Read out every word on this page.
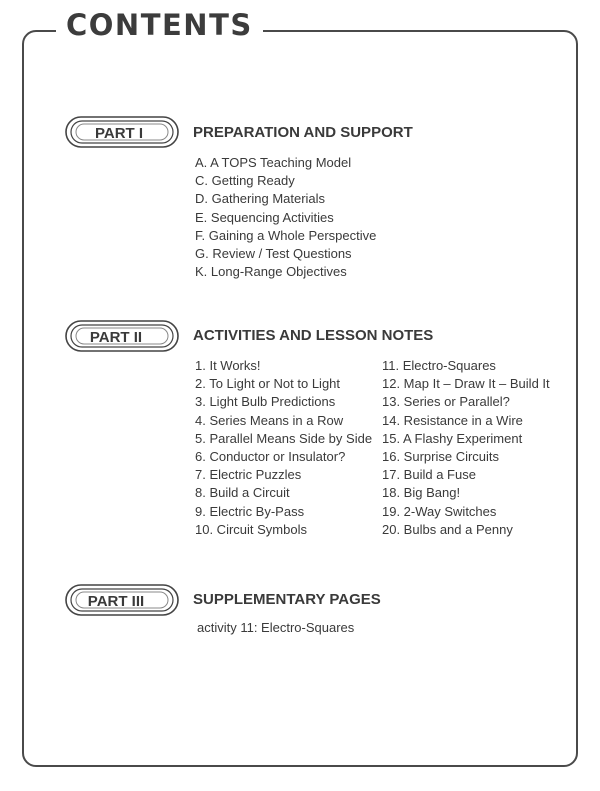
CONTENTS
PART I	PREPARATION AND SUPPORT
A. A TOPS Teaching Model
C. Getting Ready
D. Gathering Materials
E. Sequencing Activities
F. Gaining a Whole Perspective
G. Review / Test Questions
K. Long-Range Objectives
PART II	ACTIVITIES AND LESSON NOTES
1. It Works!
2. To Light or Not to Light
3. Light Bulb Predictions
4. Series Means in a Row
5. Parallel Means Side by Side
6. Conductor or Insulator?
7. Electric Puzzles
8. Build a Circuit
9. Electric By-Pass
10. Circuit Symbols
11. Electro-Squares
12. Map It – Draw It – Build It
13. Series or Parallel?
14. Resistance in a Wire
15. A Flashy Experiment
16. Surprise Circuits
17. Build a Fuse
18. Big Bang!
19. 2-Way Switches
20. Bulbs and a Penny
PART III	SUPPLEMENTARY PAGES
activity 11: Electro-Squares
